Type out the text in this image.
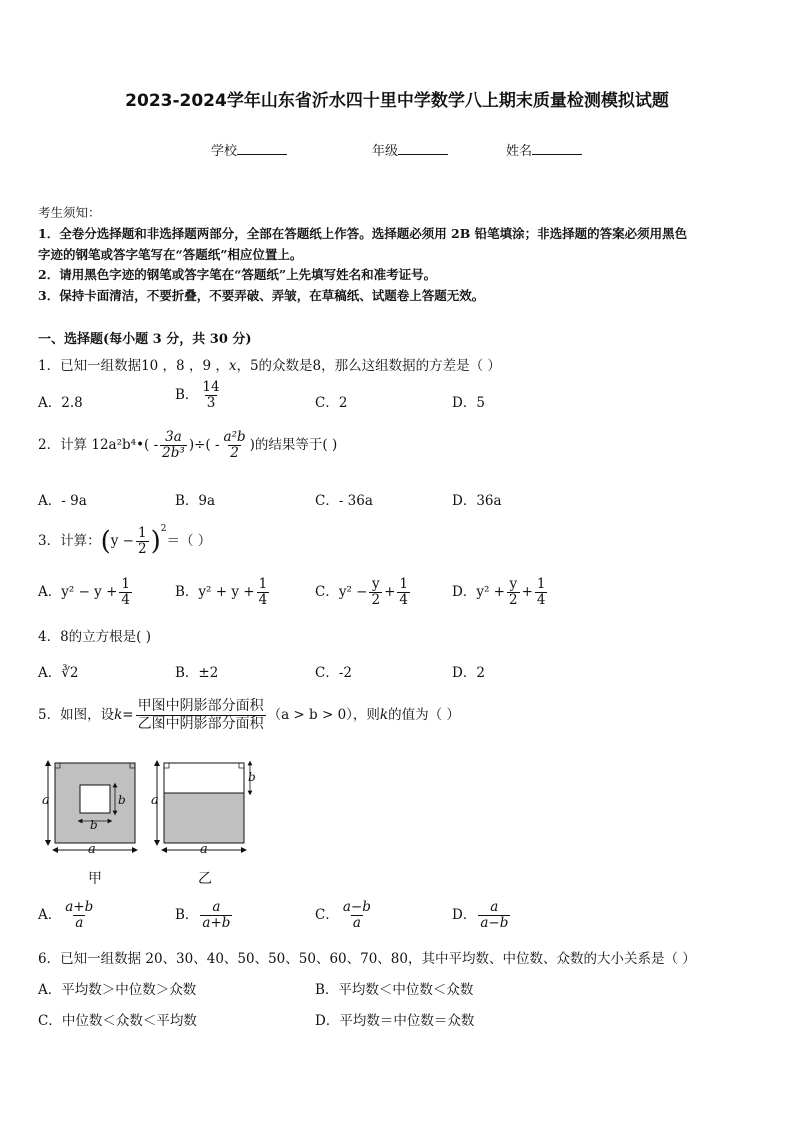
2023-2024学年山东省沂水四十里中学数学八上期末质量检测模拟试题
学校	年级	姓名
考生须知：
1．全卷分选择题和非选择题两部分，全部在答题纸上作答。选择题必须用 2B 铅笔填涂；非选择题的答案必须用黑色
字迹的钢笔或答字笔写在“答题纸”相应位置上。
2．请用黑色字迹的钢笔或答字笔在“答题纸”上先填写姓名和准考证号。
3．保持卡面清洁，不要折叠，不要弄破、弄皱，在草稿纸、试题卷上答题无效。
一、选择题(每小题 3 分，共 30 分)
1．已知一组数据10 ，8 ，9 ，x，5的众数是8，那么这组数据的方差是（ ）
A．2.8	B． $\frac{14}{3}$	C．2	D．5
2．计算 12a²b⁴•( - $\frac{3a}{\text{2b³}}$ )÷( - $\frac{\text{a²b}}{2}$ )的结果等于( )
A．- 9a	B．9a	C．- 36a	D．36a
3．计算：$(y - \frac{1}{2} )^2=$（ ）
A．$y^2 - y + \frac{1}{4}$	B．$y^2 + y + \frac{1}{4}$	C．$y^2 - \frac{y}{2} + \frac{1}{4}$	D．$y^2 + \frac{y}{2} + \frac{1}{4}$
4．8的立方根是( )
A．∛2	B．±2	C．-2	D．2
5．如图，设$k= \frac{\text{甲图中阴影部分面积}}{\text{乙图中阴影部分面积}} (a > b > 0)$，则k的值为（ ）
a
a
b
b
甲
a
a
b
乙
A． $\frac{a+b}{a}$	B． $\frac{a}{a+b}$	C． $\frac{a-b}{a}$	D． $\frac{a}{a-b}$
6．已知一组数据 20、30、40、50、50、50、60、70、80，其中平均数、中位数、众数的大小关系是（ ）
A．平均数＞中位数＞众数	B．平均数＜中位数＜众数
C．中位数＜众数＜平均数	D．平均数＝中位数＝众数
